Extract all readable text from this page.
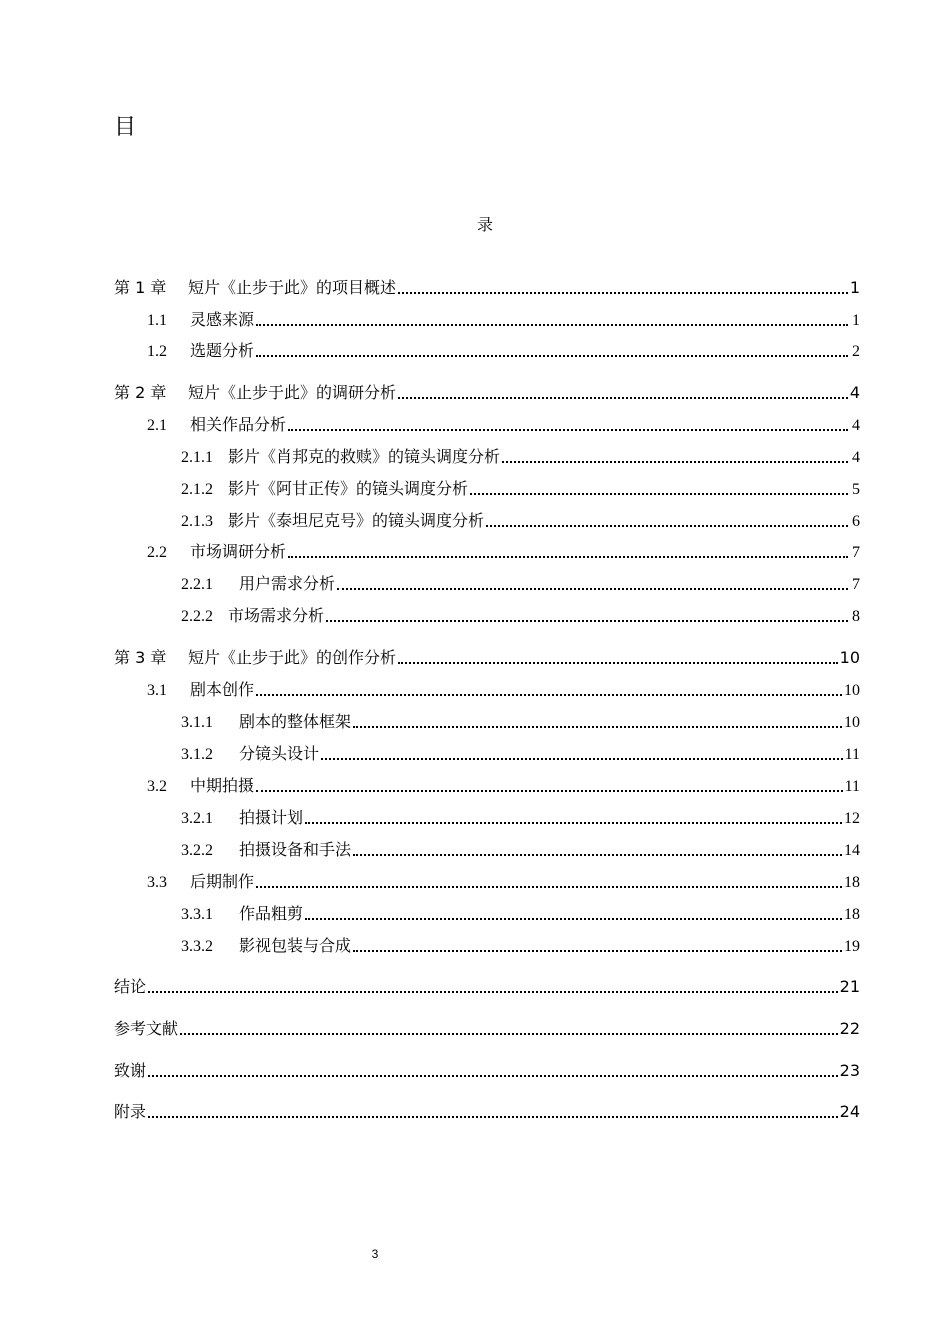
目
录
第 1 章	短片《止步于此》的项目概述	1
1.1	灵感来源	1
1.2	选题分析	2
第 2 章	短片《止步于此》的调研分析	4
2.1	相关作品分析	4
2.1.1 影片《肖邦克的救赎》的镜头调度分析	4
2.1.2 影片《阿甘正传》的镜头调度分析	5
2.1.3 影片《泰坦尼克号》的镜头调度分析	6
2.2	市场调研分析	7
2.2.1	用户需求分析	7
2.2.2 市场需求分析	8
第 3 章	短片《止步于此》的创作分析	10
3.1	剧本创作	10
3.1.1	剧本的整体框架	10
3.1.2	分镜头设计	11
3.2	中期拍摄	11
3.2.1	拍摄计划	12
3.2.2	拍摄设备和手法	14
3.3	后期制作	18
3.3.1	作品粗剪	18
3.3.2	影视包装与合成	19
结论	21
参考文献	22
致谢	23
附录	24
3
